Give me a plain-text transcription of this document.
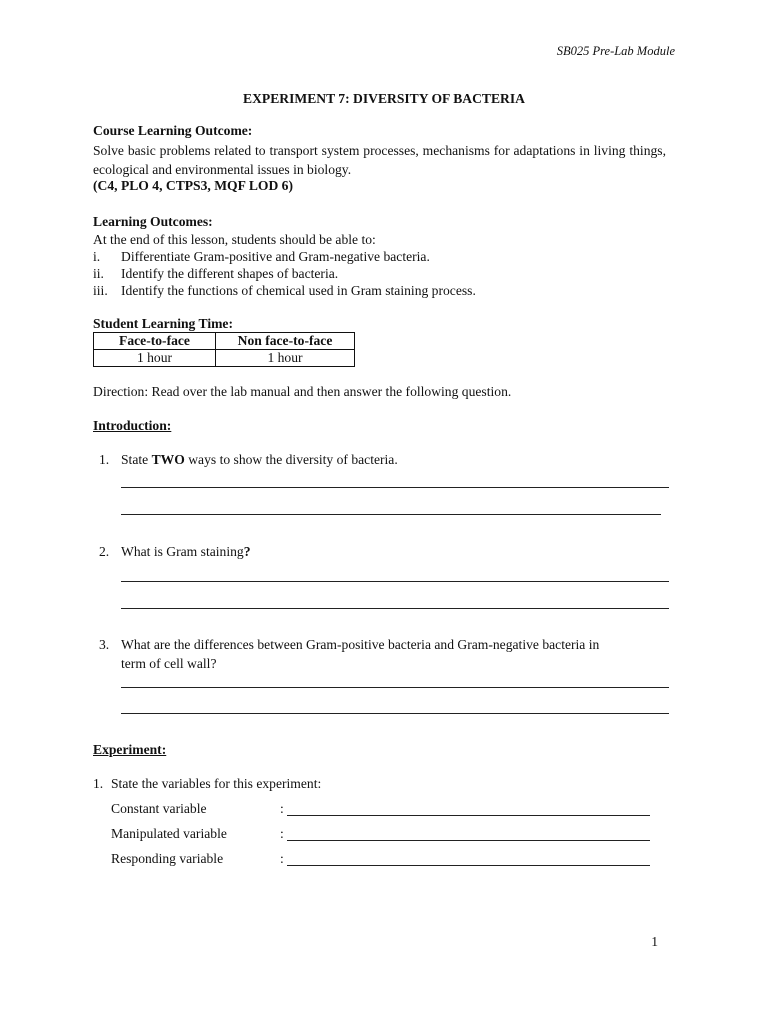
SB025 Pre-Lab Module
EXPERIMENT 7: DIVERSITY OF BACTERIA
Course Learning Outcome:
Solve basic problems related to transport system processes, mechanisms for adaptations in living things, ecological and environmental issues in biology.
(C4, PLO 4, CTPS3, MQF LOD 6)
Learning Outcomes:
At the end of this lesson, students should be able to:
i. Differentiate Gram-positive and Gram-negative bacteria.
ii. Identify the different shapes of bacteria.
iii. Identify the functions of chemical used in Gram staining process.
Student Learning Time:
Face-to-face	Non face-to-face
1 hour	1 hour
Direction: Read over the lab manual and then answer the following question.
Introduction:
1. State TWO ways to show the diversity of bacteria.
2. What is Gram staining?
3. What are the differences between Gram-positive bacteria and Gram-negative bacteria in
term of cell wall?
Experiment:
1. State the variables for this experiment:
Constant variable	:
Manipulated variable	:
Responding variable	:
1
